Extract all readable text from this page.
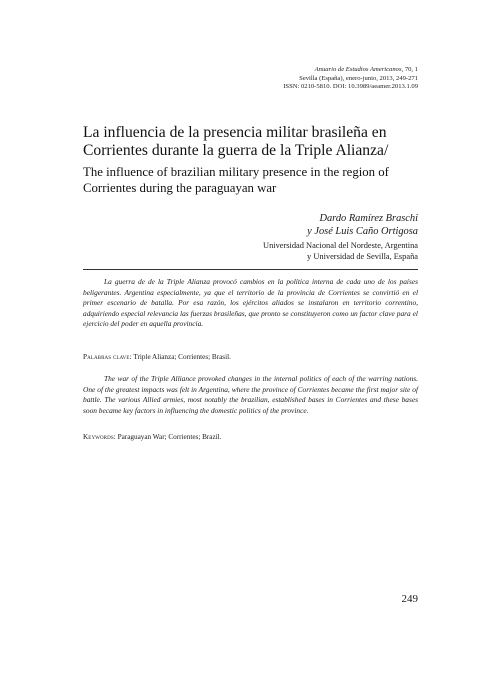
Anuario de Estudios Americanos, 70, 1
Sevilla (España), enero-junio, 2013, 249-271
ISSN: 0210-5810. DOI: 10.3989/aeamer.2013.1.09
La influencia de la presencia militar brasileña en Corrientes durante la guerra de la Triple Alianza/
The influence of brazilian military presence in the region of Corrientes during the paraguayan war
Dardo Ramírez Braschi
y José Luis Caño Ortigosa
Universidad Nacional del Nordeste, Argentina
y Universidad de Sevilla, España

La guerra de de la Triple Alianza provocó cambios en la política interna de cada uno de los países beligerantes. Argentina especialmente, ya que el territorio de la provincia de Corrientes se convirtió en el primer escenario de batalla. Por esa razón, los ejércitos aliados se instalaron en territorio correntino, adquiriendo especial relevancia las fuerzas brasileñas, que pronto se constituyeron como un factor clave para el ejercicio del poder en aquella provincia.

Palabras clave: Triple Alianza; Corrientes; Brasil.

The war of the Triple Alliance provoked changes in the internal politics of each of the warring nations. One of the greatest impacts was felt in Argentina, where the province of Corrientes became the first major site of battle. The various Allied armies, most notably the brazilian, established bases in Corrientes and these bases soon became key factors in influencing the domestic politics of the province.

Keywords: Paraguayan War; Corrientes; Brazil.
249
